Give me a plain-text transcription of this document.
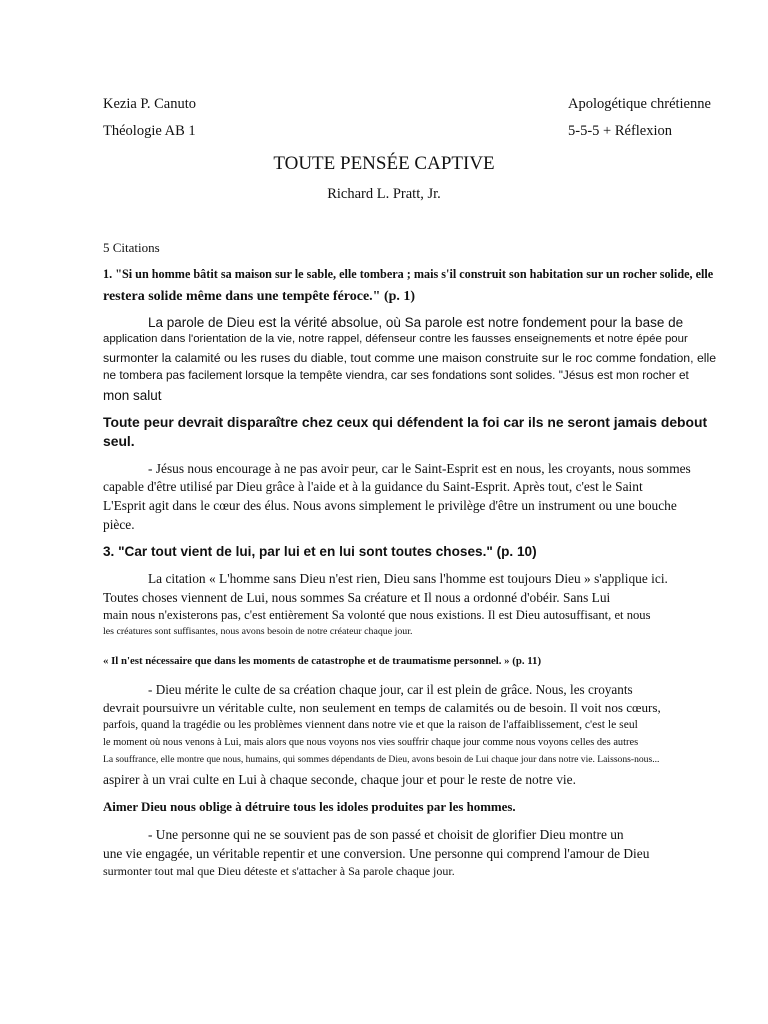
Kezia P. Canuto	Apologétique chrétienne
Théologie AB 1	5-5-5 + Réflexion
TOUTE PENSÉE CAPTIVE
Richard L. Pratt, Jr.
5 Citations
1. "Si un homme bâtit sa maison sur le sable, elle tombera ; mais s'il construit son habitation sur un rocher solide, elle
restera solide même dans une tempête féroce." (p. 1)
La parole de Dieu est la vérité absolue, où Sa parole est notre fondement pour la base de
application dans l'orientation de la vie, notre rappel, défenseur contre les fausses enseignements et notre épée pour
surmonter la calamité ou les ruses du diable, tout comme une maison construite sur le roc comme fondation, elle
ne tombera pas facilement lorsque la tempête viendra, car ses fondations sont solides. "Jésus est mon rocher et
mon salut
Toute peur devrait disparaître chez ceux qui défendent la foi car ils ne seront jamais debout
seul.
- Jésus nous encourage à ne pas avoir peur, car le Saint-Esprit est en nous, les croyants, nous sommes
capable d'être utilisé par Dieu grâce à l'aide et à la guidance du Saint-Esprit. Après tout, c'est le Saint
L'Esprit agit dans le cœur des élus. Nous avons simplement le privilège d'être un instrument ou une bouche
pièce.
3. "Car tout vient de lui, par lui et en lui sont toutes choses." (p. 10)
La citation « L'homme sans Dieu n'est rien, Dieu sans l'homme est toujours Dieu » s'applique ici.
Toutes choses viennent de Lui, nous sommes Sa créature et Il nous a ordonné d'obéir. Sans Lui
main nous n'existerons pas, c'est entièrement Sa volonté que nous existions. Il est Dieu autosuffisant, et nous
les créatures sont suffisantes, nous avons besoin de notre créateur chaque jour.
« Il n'est nécessaire que dans les moments de catastrophe et de traumatisme personnel. » (p. 11)
- Dieu mérite le culte de sa création chaque jour, car il est plein de grâce. Nous, les croyants
devrait poursuivre un véritable culte, non seulement en temps de calamités ou de besoin. Il voit nos cœurs,
parfois, quand la tragédie ou les problèmes viennent dans notre vie et que la raison de l'affaiblissement, c'est le seul
le moment où nous venons à Lui, mais alors que nous voyons nos vies souffrir chaque jour comme nous voyons celles des autres
La souffrance, elle montre que nous, humains, qui sommes dépendants de Dieu, avons besoin de Lui chaque jour dans notre vie. Laissons-nous...
aspirer à un vrai culte en Lui à chaque seconde, chaque jour et pour le reste de notre vie.
Aimer Dieu nous oblige à détruire tous les idoles produites par les hommes.
- Une personne qui ne se souvient pas de son passé et choisit de glorifier Dieu montre un
une vie engagée, un véritable repentir et une conversion. Une personne qui comprend l'amour de Dieu
surmonter tout mal que Dieu déteste et s'attacher à Sa parole chaque jour.
